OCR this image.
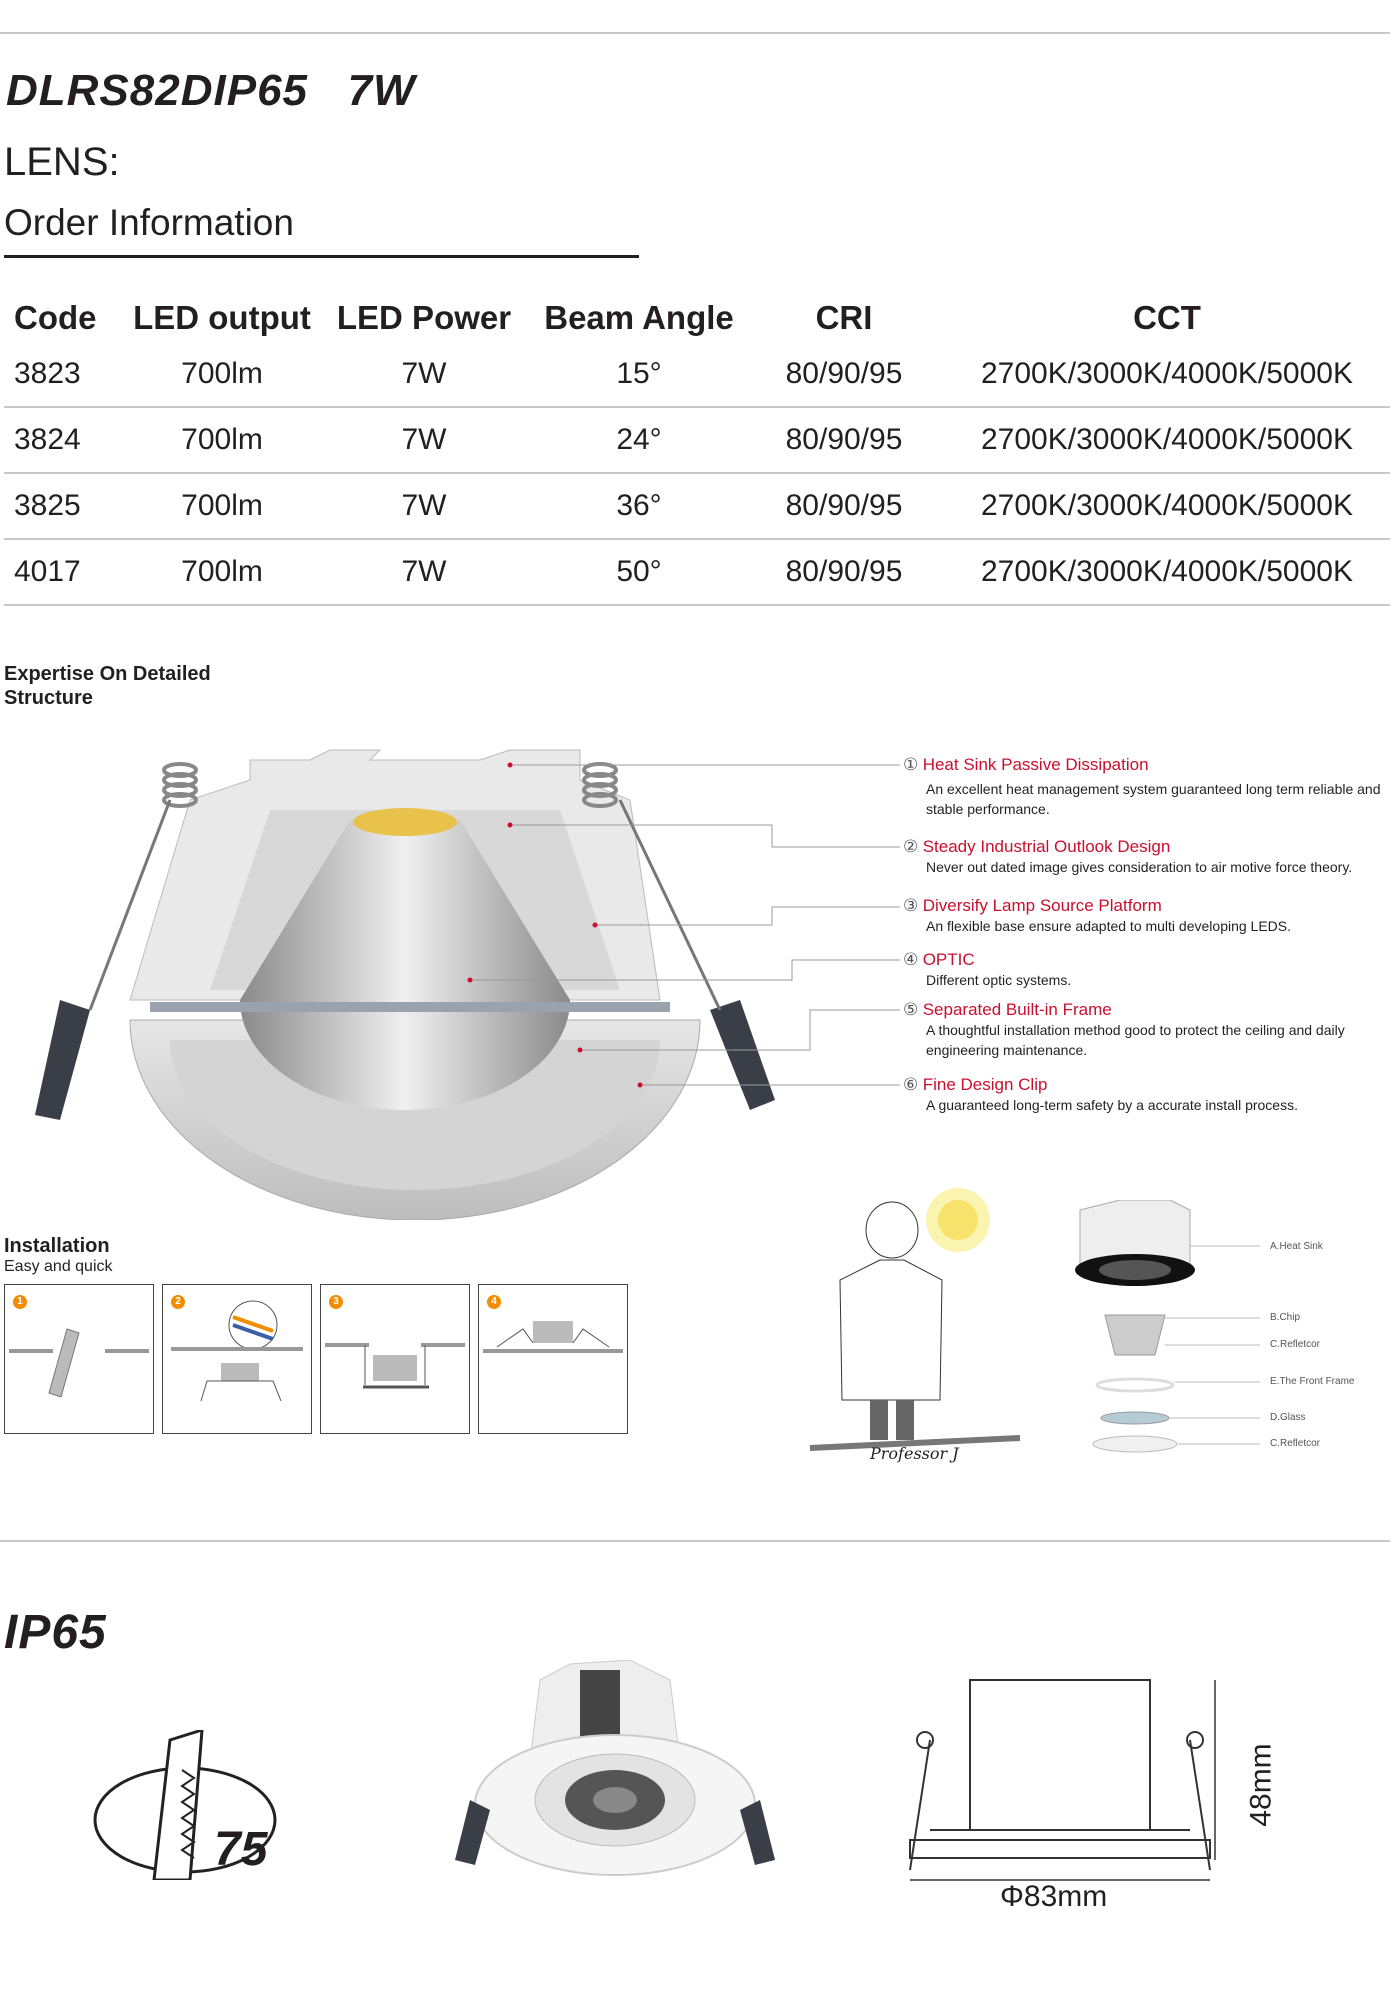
DLRS82DIP65   7W
LENS:
Order Information
Code	LED output	LED Power	Beam Angle	CRI	CCT
3823	700lm	7W	15°	80/90/95	2700K/3000K/4000K/5000K
3824	700lm	7W	24°	80/90/95	2700K/3000K/4000K/5000K
3825	700lm	7W	36°	80/90/95	2700K/3000K/4000K/5000K
4017	700lm	7W	50°	80/90/95	2700K/3000K/4000K/5000K
Expertise On Detailed
Structure
① Heat Sink Passive Dissipation
An excellent heat management system guaranteed long term reliable and stable performance.
② Steady Industrial Outlook Design
Never out dated image gives consideration to air motive force theory.
③ Diversify Lamp Source Platform
An flexible base ensure adapted to multi developing LEDS.
④ OPTIC
Different optic systems.
⑤ Separated Built-in Frame
A thoughtful installation method good to protect the ceiling and daily engineering maintenance.
⑥ Fine Design Clip
A guaranteed long-term safety by a accurate install process.
Installation
Easy and quick
1	2	3	4
Professor J
A.Heat Sink
B.Chip
C.Refletcor
E.The Front Frame
D.Glass
C.Refletcor
IP65
75
48mm
Φ83mm
